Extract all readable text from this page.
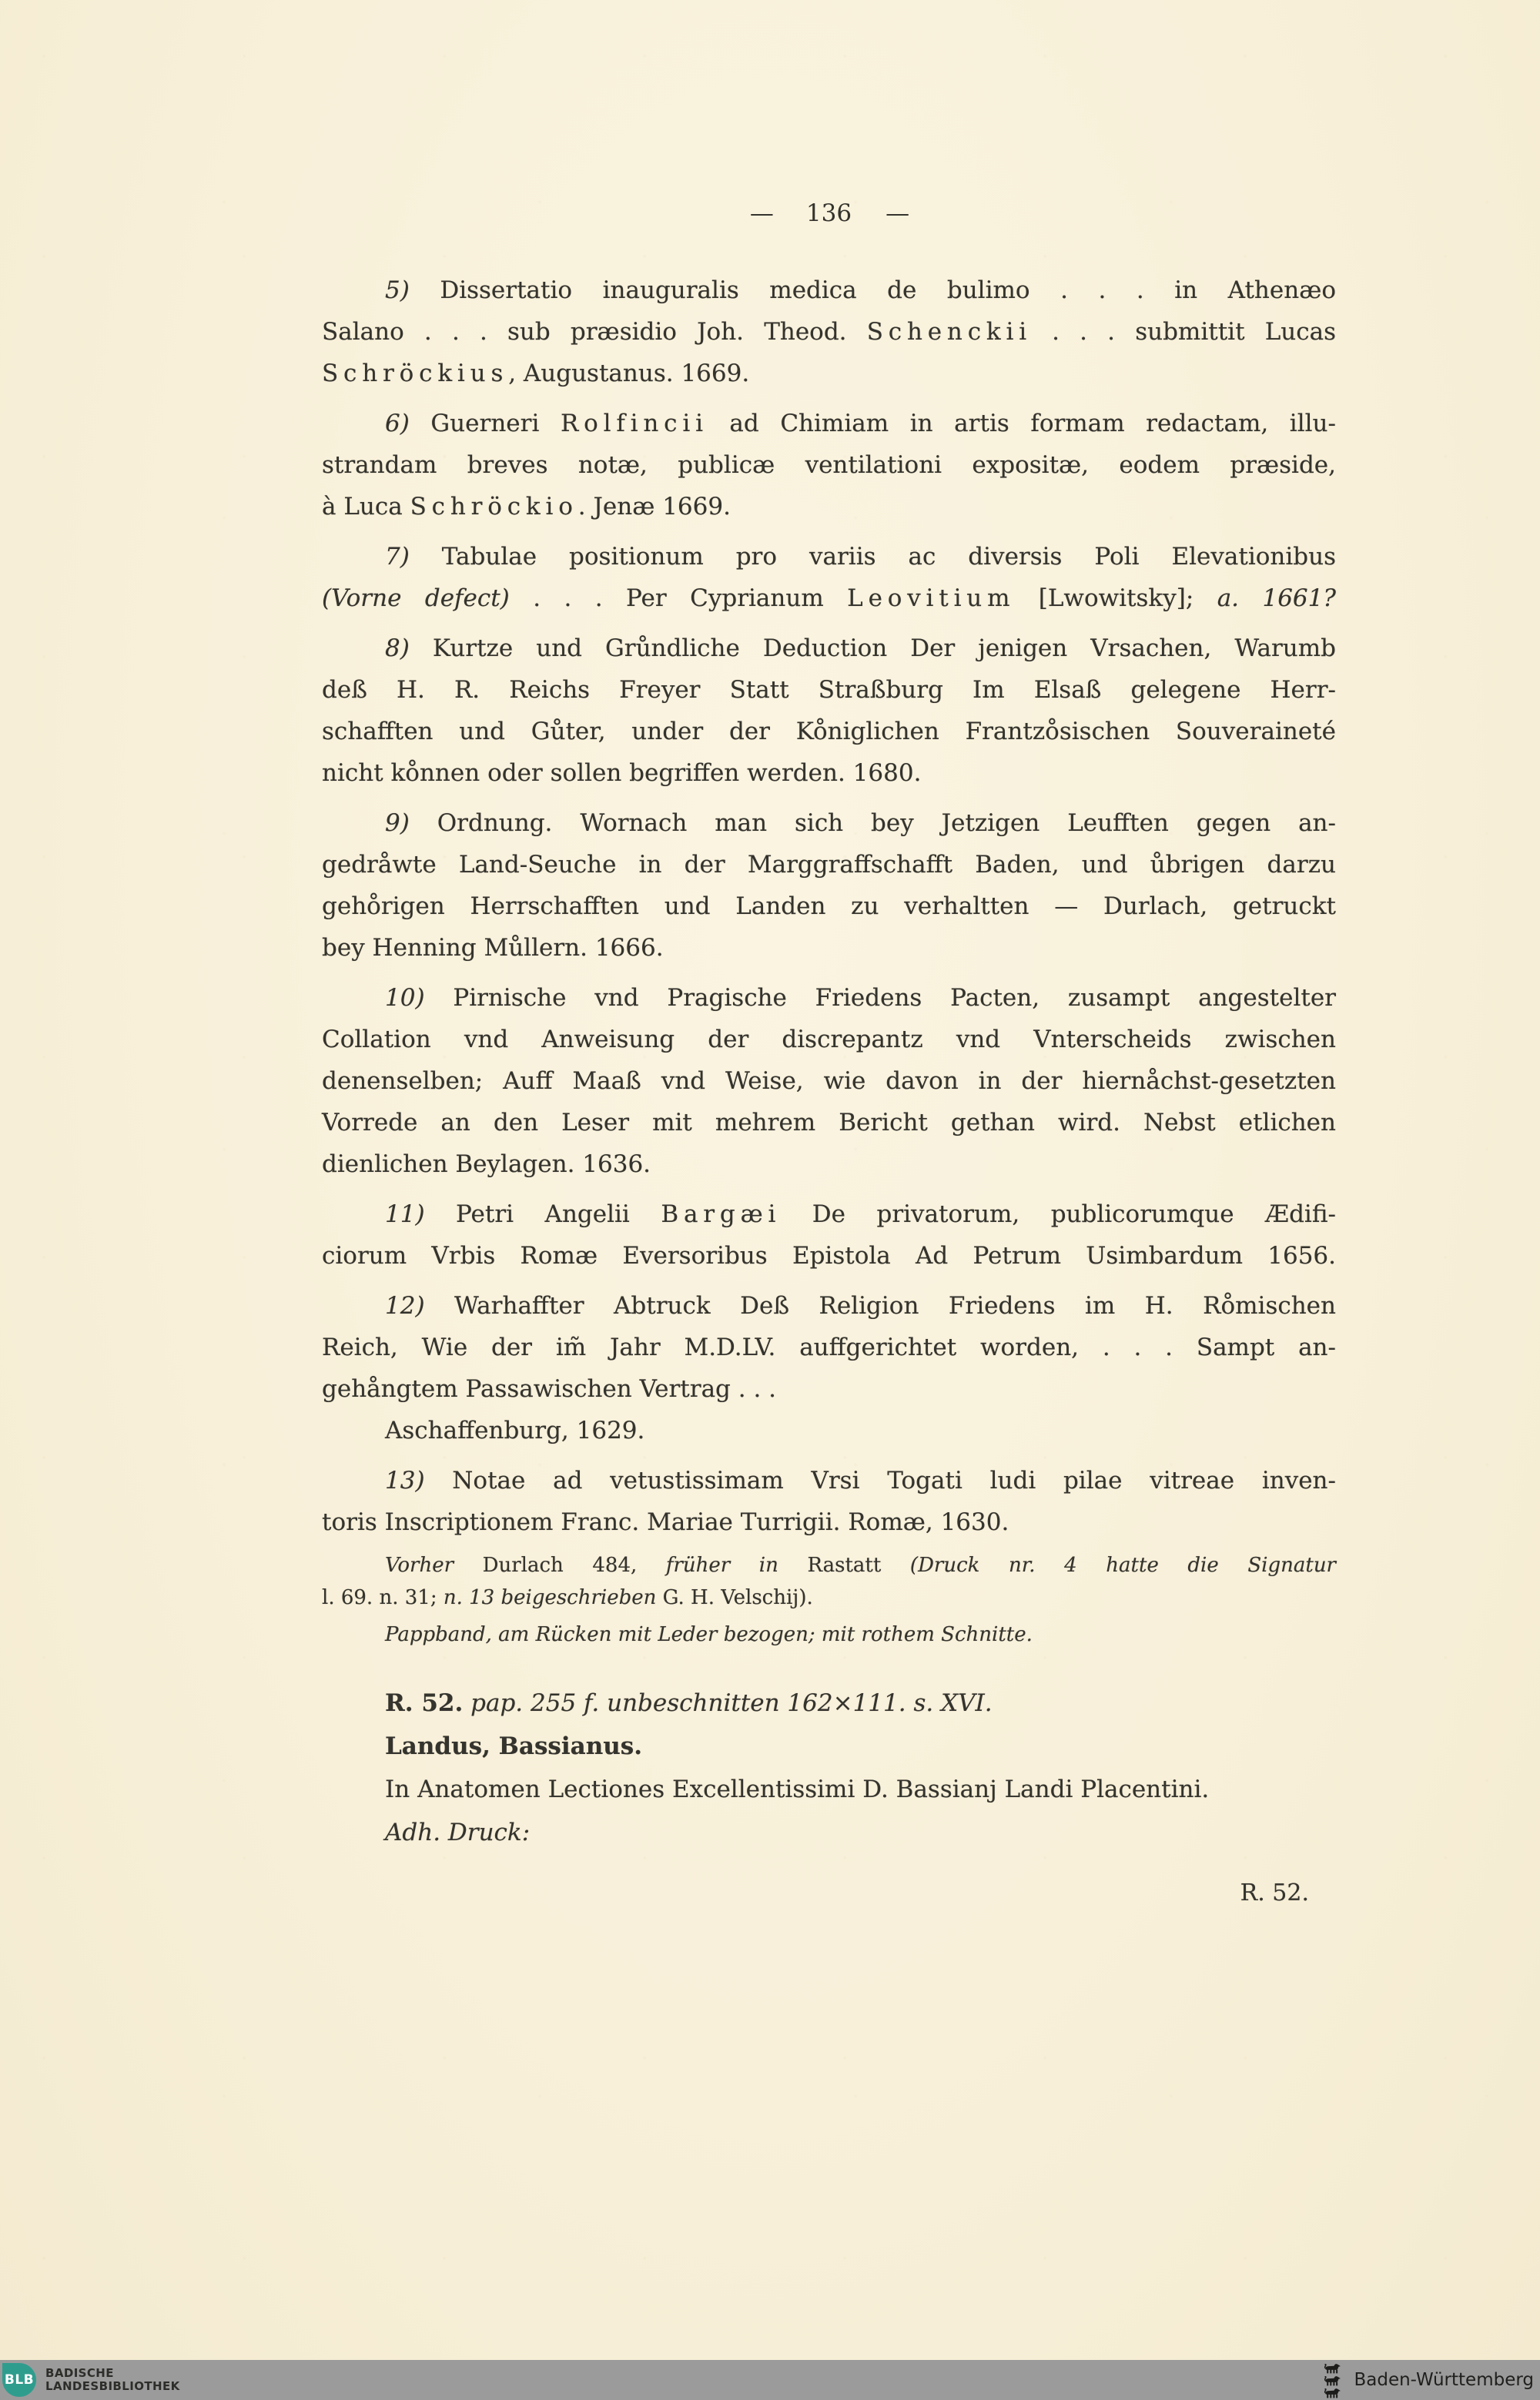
— 136 —

5) Dissertatio inauguralis medica de bulimo . . . in Athenæo
Salano . . . sub præsidio Joh. Theod. Schenckii . . . submittit Lucas
Schröckius, Augustanus. 1669.

6) Guerneri Rolfincii ad Chimiam in artis formam redactam, illu-
strandam breves notæ, publicæ ventilationi expositæ, eodem præside,
à Luca Schröckio. Jenæ 1669.

7) Tabulae positionum pro variis ac diversis Poli Elevationibus
(Vorne defect) . . . Per Cyprianum Leovitium [Lwowitsky]; a. 1661?

8) Kurtze und Grůndliche Deduction Der jenigen Vrsachen, Warumb
deß H. R. Reichs Freyer Statt Straßburg Im Elsaß gelegene Herr-
schafften und Gůter, under der Ko̊niglichen Frantzo̊sischen Souveraineté
nicht ko̊nnen oder sollen begriffen werden. 1680.

9) Ordnung. Wornach man sich bey Jetzigen Leufften gegen an-
gedråwte Land-Seuche in der Marggraffschafft Baden, und ůbrigen darzu
geho̊rigen Herrschafften und Landen zu verhaltten — Durlach, getruckt
bey Henning Můllern. 1666.

10) Pirnische vnd Pragische Friedens Pacten, zusampt angestelter
Collation vnd Anweisung der discrepantz vnd Vnterscheids zwischen
denenselben; Auff Maaß vnd Weise, wie davon in der hiernåchst-gesetzten
Vorrede an den Leser mit mehrem Bericht gethan wird. Nebst etlichen
dienlichen Beylagen. 1636.

11) Petri Angelii Bargæi De privatorum, publicorumque Ædifi-
ciorum Vrbis Romæ Eversoribus Epistola Ad Petrum Usimbardum 1656.

12) Warhaffter Abtruck Deß Religion Friedens im H. Ro̊mischen
Reich, Wie der im̃ Jahr M.D.LV. auffgerichtet worden, . . . Sampt an-
gehångtem Passawischen Vertrag . . .
Aschaffenburg, 1629.

13) Notae ad vetustissimam Vrsi Togati ludi pilae vitreae inven-
toris Inscriptionem Franc. Mariae Turrigii. Romæ, 1630.

Vorher Durlach 484, früher in Rastatt (Druck nr. 4 hatte die Signatur
l. 69. n. 31; n. 13 beigeschrieben G. H. Velschij).
Pappband, am Rücken mit Leder bezogen; mit rothem Schnitte.

R. 52. pap. 255 f. unbeschnitten 162×111. s. XVI.
Landus, Bassianus.
In Anatomen Lectiones Excellentissimi D. Bassianj Landi Placentini.
Adh. Druck:

R. 52.
BLB BADISCHE
LANDESBIBLIOTHEK	Baden-Württemberg
